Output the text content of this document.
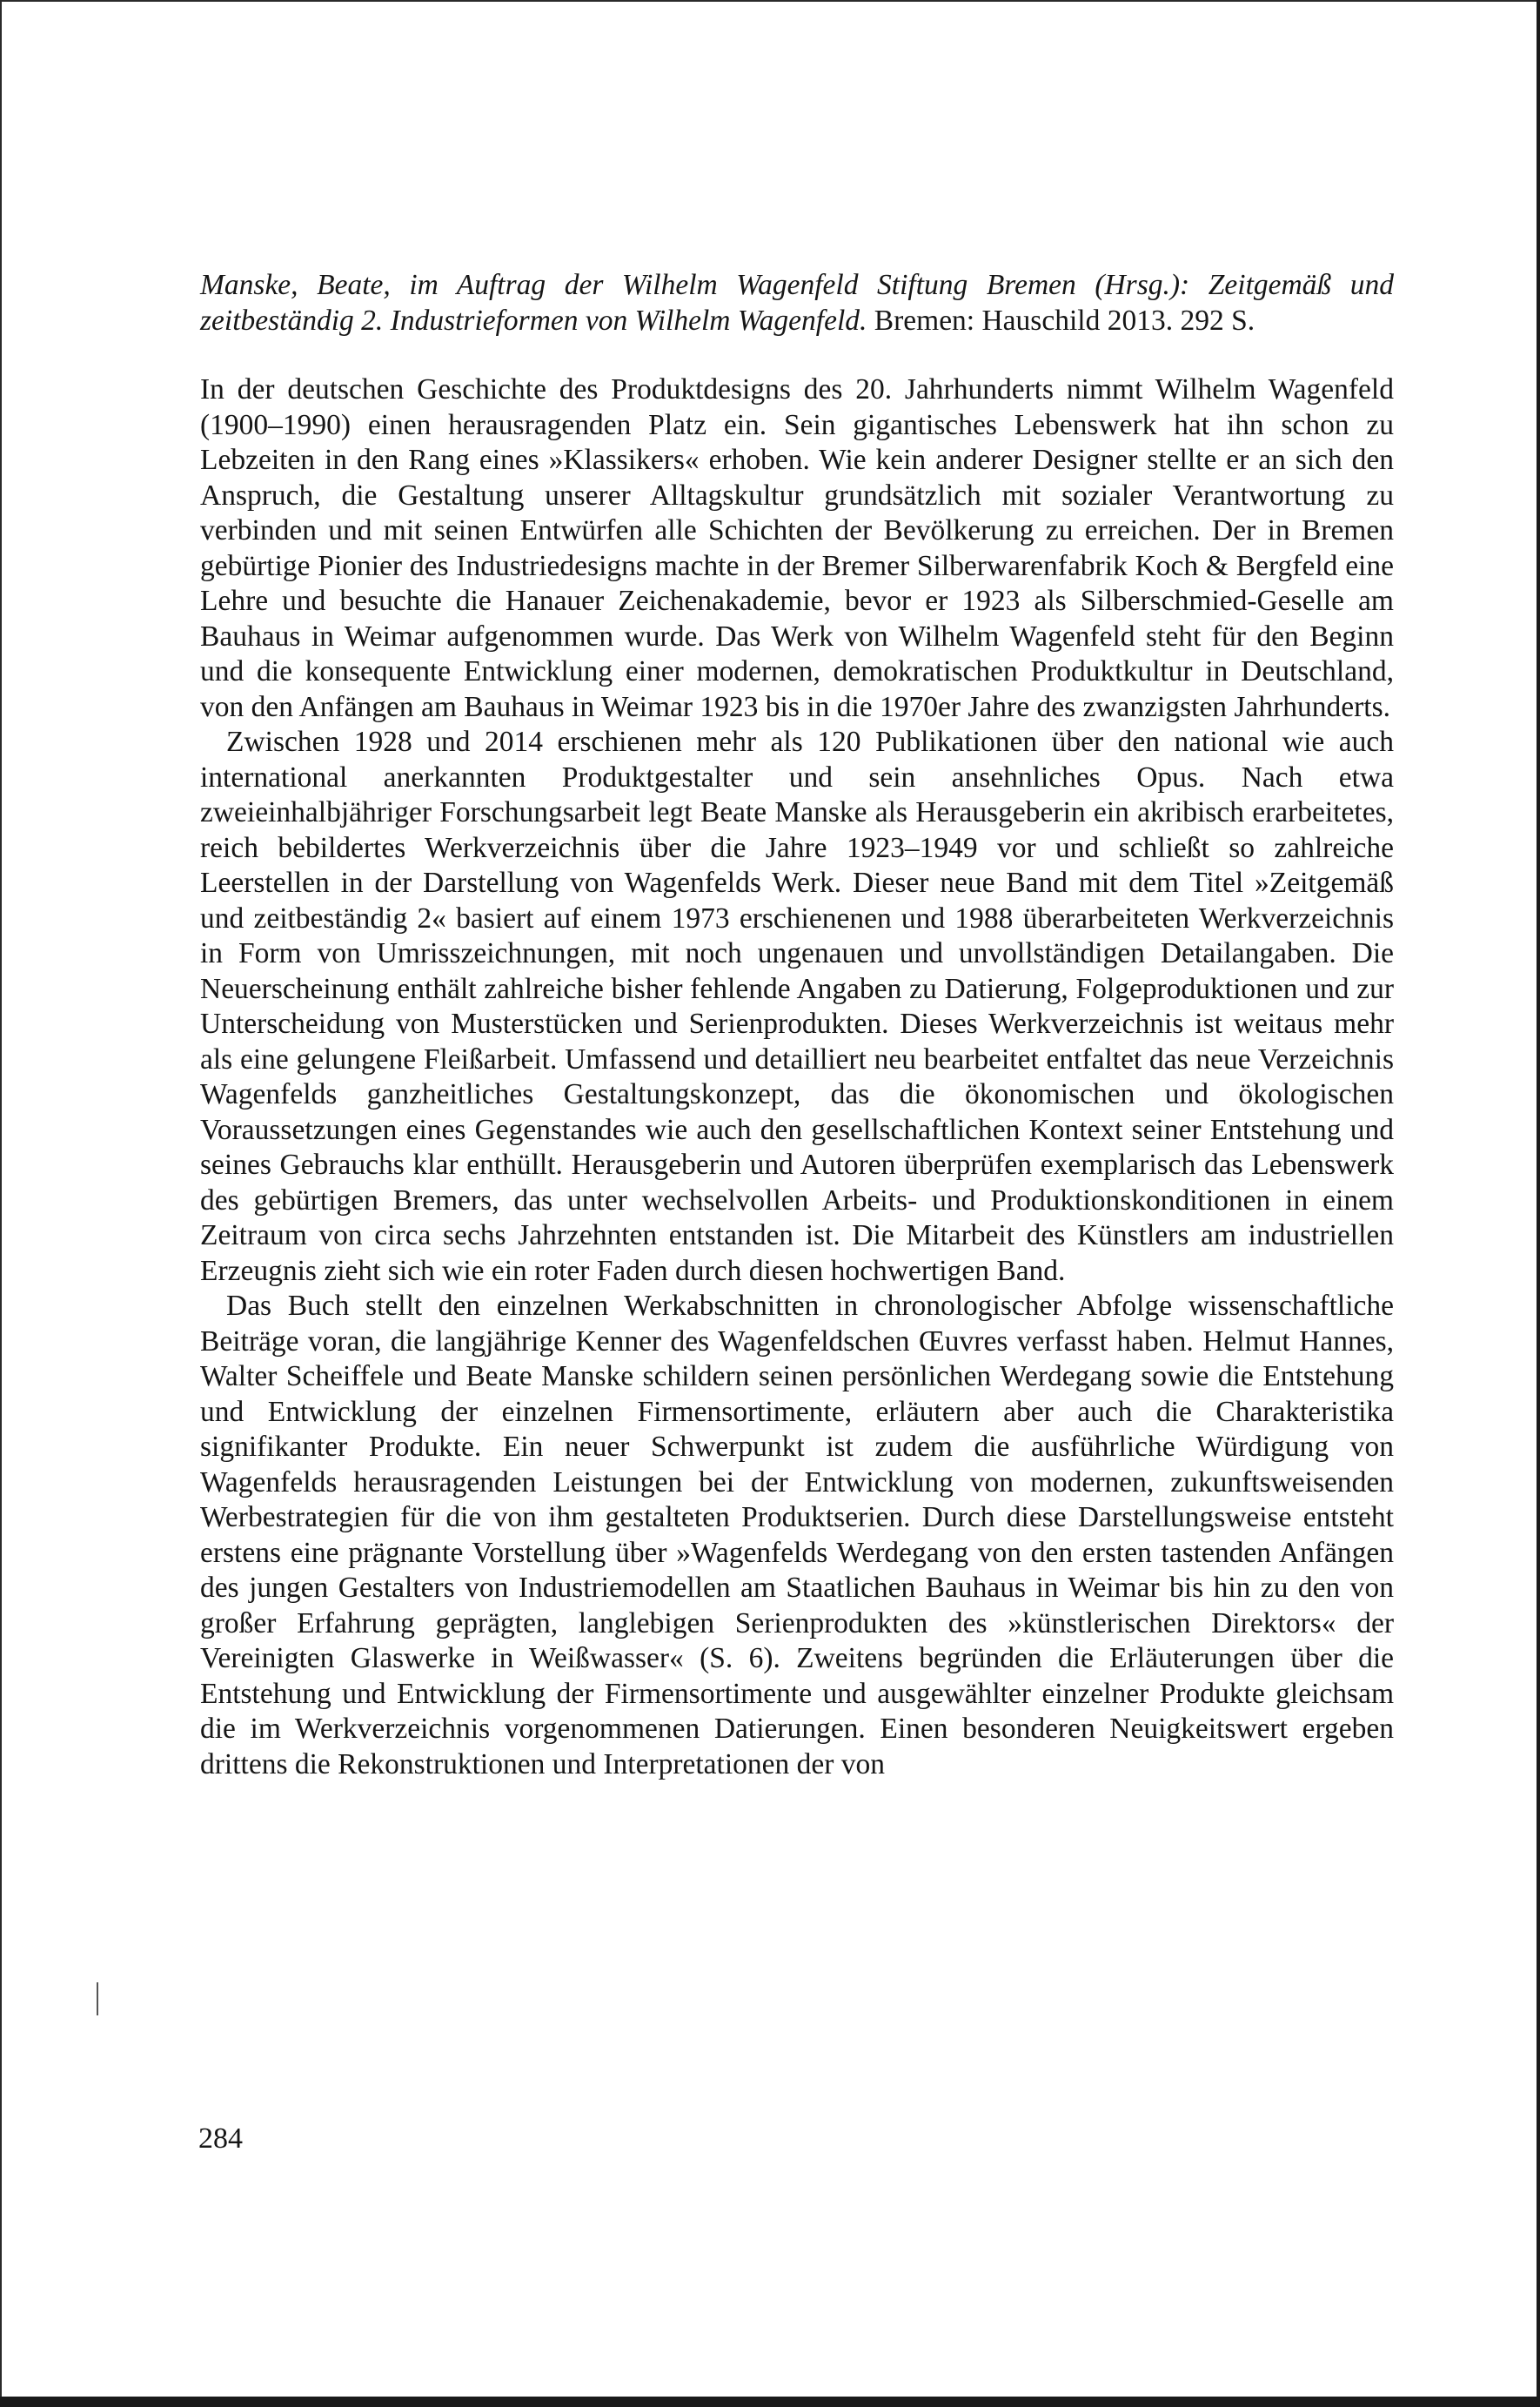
Manske, Beate, im Auftrag der Wilhelm Wagenfeld Stiftung Bremen (Hrsg.): Zeitgemäß und zeitbeständig 2. Industrieformen von Wilhelm Wagenfeld. Bremen: Hauschild 2013. 292 S.

In der deutschen Geschichte des Produktdesigns des 20. Jahrhunderts nimmt Wilhelm Wagenfeld (1900–1990) einen herausragenden Platz ein. Sein gigantisches Lebenswerk hat ihn schon zu Lebzeiten in den Rang eines »Klassikers« erhoben. Wie kein anderer Designer stellte er an sich den Anspruch, die Gestaltung unserer Alltagskultur grundsätzlich mit sozialer Verantwortung zu verbinden und mit seinen Entwürfen alle Schichten der Bevölkerung zu erreichen. Der in Bremen gebürtige Pionier des Industriedesigns machte in der Bremer Silberwarenfabrik Koch & Bergfeld eine Lehre und besuchte die Hanauer Zeichenakademie, bevor er 1923 als Silberschmied-Geselle am Bauhaus in Weimar aufgenommen wurde. Das Werk von Wilhelm Wagenfeld steht für den Beginn und die konsequente Entwicklung einer modernen, demokratischen Produktkultur in Deutschland, von den Anfängen am Bauhaus in Weimar 1923 bis in die 1970er Jahre des zwanzigsten Jahrhunderts.

Zwischen 1928 und 2014 erschienen mehr als 120 Publikationen über den national wie auch international anerkannten Produktgestalter und sein ansehnliches Opus. Nach etwa zweieinhalbjähriger Forschungsarbeit legt Beate Manske als Herausgeberin ein akribisch erarbeitetes, reich bebildertes Werkverzeichnis über die Jahre 1923–1949 vor und schließt so zahlreiche Leerstellen in der Darstellung von Wagenfelds Werk. Dieser neue Band mit dem Titel »Zeitgemäß und zeitbeständig 2« basiert auf einem 1973 erschienenen und 1988 überarbeiteten Werkverzeichnis in Form von Umrisszeichnungen, mit noch ungenauen und unvollständigen Detailangaben. Die Neuerscheinung enthält zahlreiche bisher fehlende Angaben zu Datierung, Folgeproduktionen und zur Unterscheidung von Musterstücken und Serienprodukten. Dieses Werkverzeichnis ist weitaus mehr als eine gelungene Fleißarbeit. Umfassend und detailliert neu bearbeitet entfaltet das neue Verzeichnis Wagenfelds ganzheitliches Gestaltungskonzept, das die ökonomischen und ökologischen Voraussetzungen eines Gegenstandes wie auch den gesellschaftlichen Kontext seiner Entstehung und seines Gebrauchs klar enthüllt. Herausgeberin und Autoren überprüfen exemplarisch das Lebenswerk des gebürtigen Bremers, das unter wechselvollen Arbeits- und Produktionskonditionen in einem Zeitraum von circa sechs Jahrzehnten entstanden ist. Die Mitarbeit des Künstlers am industriellen Erzeugnis zieht sich wie ein roter Faden durch diesen hochwertigen Band.

Das Buch stellt den einzelnen Werkabschnitten in chronologischer Abfolge wissenschaftliche Beiträge voran, die langjährige Kenner des Wagenfeldschen Œuvres verfasst haben. Helmut Hannes, Walter Scheiffele und Beate Manske schildern seinen persönlichen Werdegang sowie die Entstehung und Entwicklung der einzelnen Firmensortimente, erläutern aber auch die Charakteristika signifikanter Produkte. Ein neuer Schwerpunkt ist zudem die ausführliche Würdigung von Wagenfelds herausragenden Leistungen bei der Entwicklung von modernen, zukunftsweisenden Werbestrategien für die von ihm gestalteten Produktserien. Durch diese Darstellungsweise entsteht erstens eine prägnante Vorstellung über »Wagenfelds Werdegang von den ersten tastenden Anfängen des jungen Gestalters von Industriemodellen am Staatlichen Bauhaus in Weimar bis hin zu den von großer Erfahrung geprägten, langlebigen Serienprodukten des »künstlerischen Direktors« der Vereinigten Glaswerke in Weißwasser« (S. 6). Zweitens begründen die Erläuterungen über die Entstehung und Entwicklung der Firmensortimente und ausgewählter einzelner Produkte gleichsam die im Werkverzeichnis vorgenommenen Datierungen. Einen besonderen Neuigkeitswert ergeben drittens die Rekonstruktionen und Interpretationen der von

284
